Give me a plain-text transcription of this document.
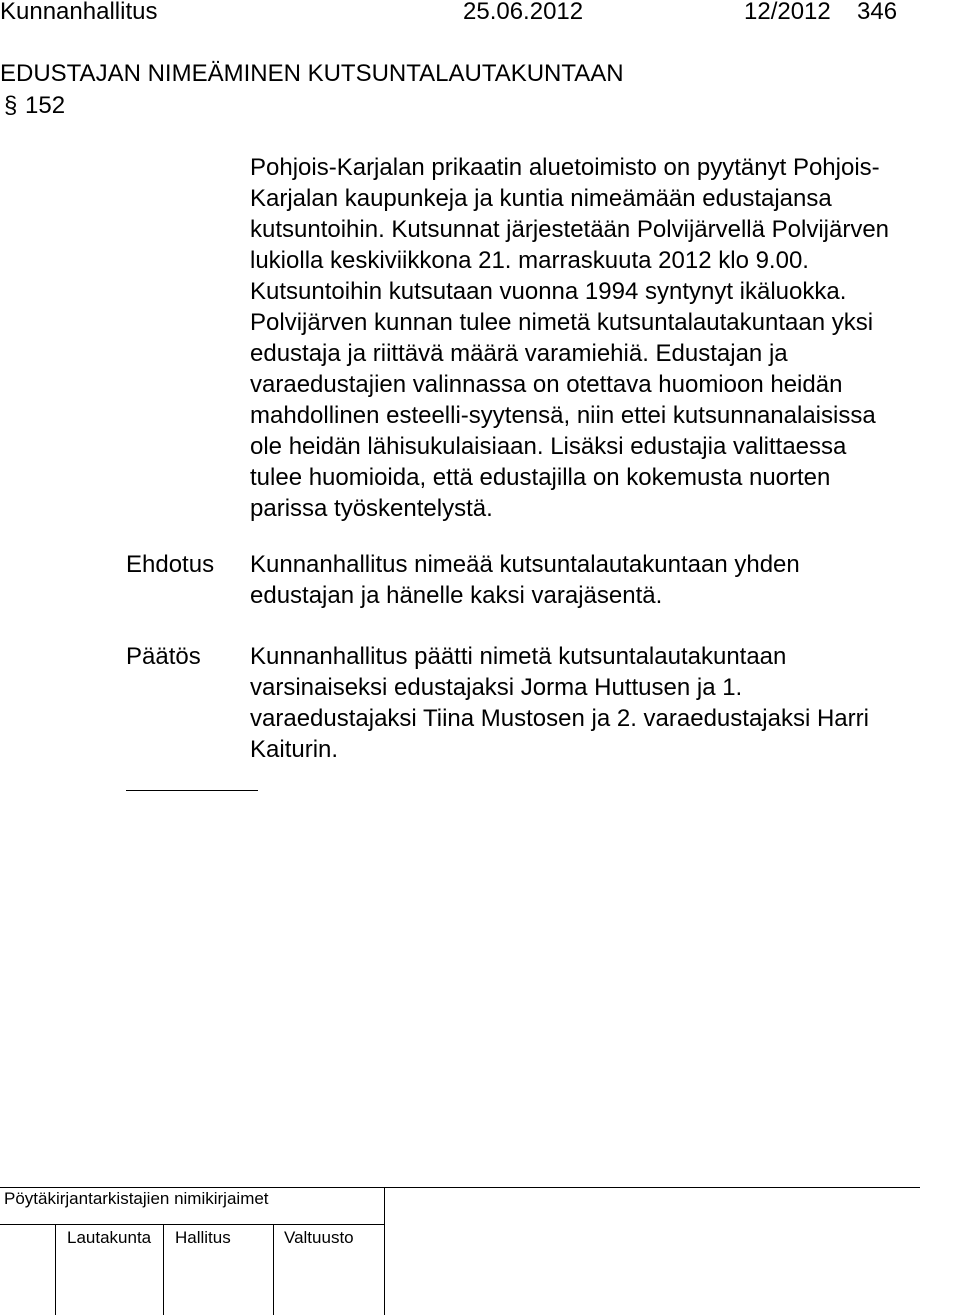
Kunnanhallitus	25.06.2012	12/2012 346
EDUSTAJAN NIMEÄMINEN KUTSUNTALAUTAKUNTAAN
§ 152
Pohjois-Karjalan prikaatin aluetoimisto on pyytänyt Pohjois-
Karjalan kaupunkeja ja kuntia nimeämään edustajansa
kutsuntoihin. Kutsunnat järjestetään Polvijärvellä Polvijärven
lukiolla keskiviikkona 21. marraskuuta 2012 klo 9.00.
Kutsuntoihin kutsutaan vuonna 1994 syntynyt ikäluokka.
Polvijärven kunnan tulee nimetä kutsuntalautakuntaan yksi
edustaja ja riittävä määrä varamiehiä. Edustajan ja
varaedustajien valinnassa on otettava huomioon heidän
mahdollinen esteelli-syytensä, niin ettei kutsunnanalaisissa
ole heidän lähisukulaisiaan. Lisäksi edustajia valittaessa
tulee huomioida, että edustajilla on kokemusta nuorten
parissa työskentelystä.
Ehdotus Kunnanhallitus nimeää kutsuntalautakuntaan yhden
edustajan ja hänelle kaksi varajäsentä.
Päätös Kunnanhallitus päätti nimetä kutsuntalautakuntaan
varsinaiseksi edustajaksi Jorma Huttusen ja 1.
varaedustajaksi Tiina Mustosen ja 2. varaedustajaksi Harri
Kaiturin.
Pöytäkirjantarkistajien nimikirjaimet
Lautakunta Hallitus	Valtuusto
